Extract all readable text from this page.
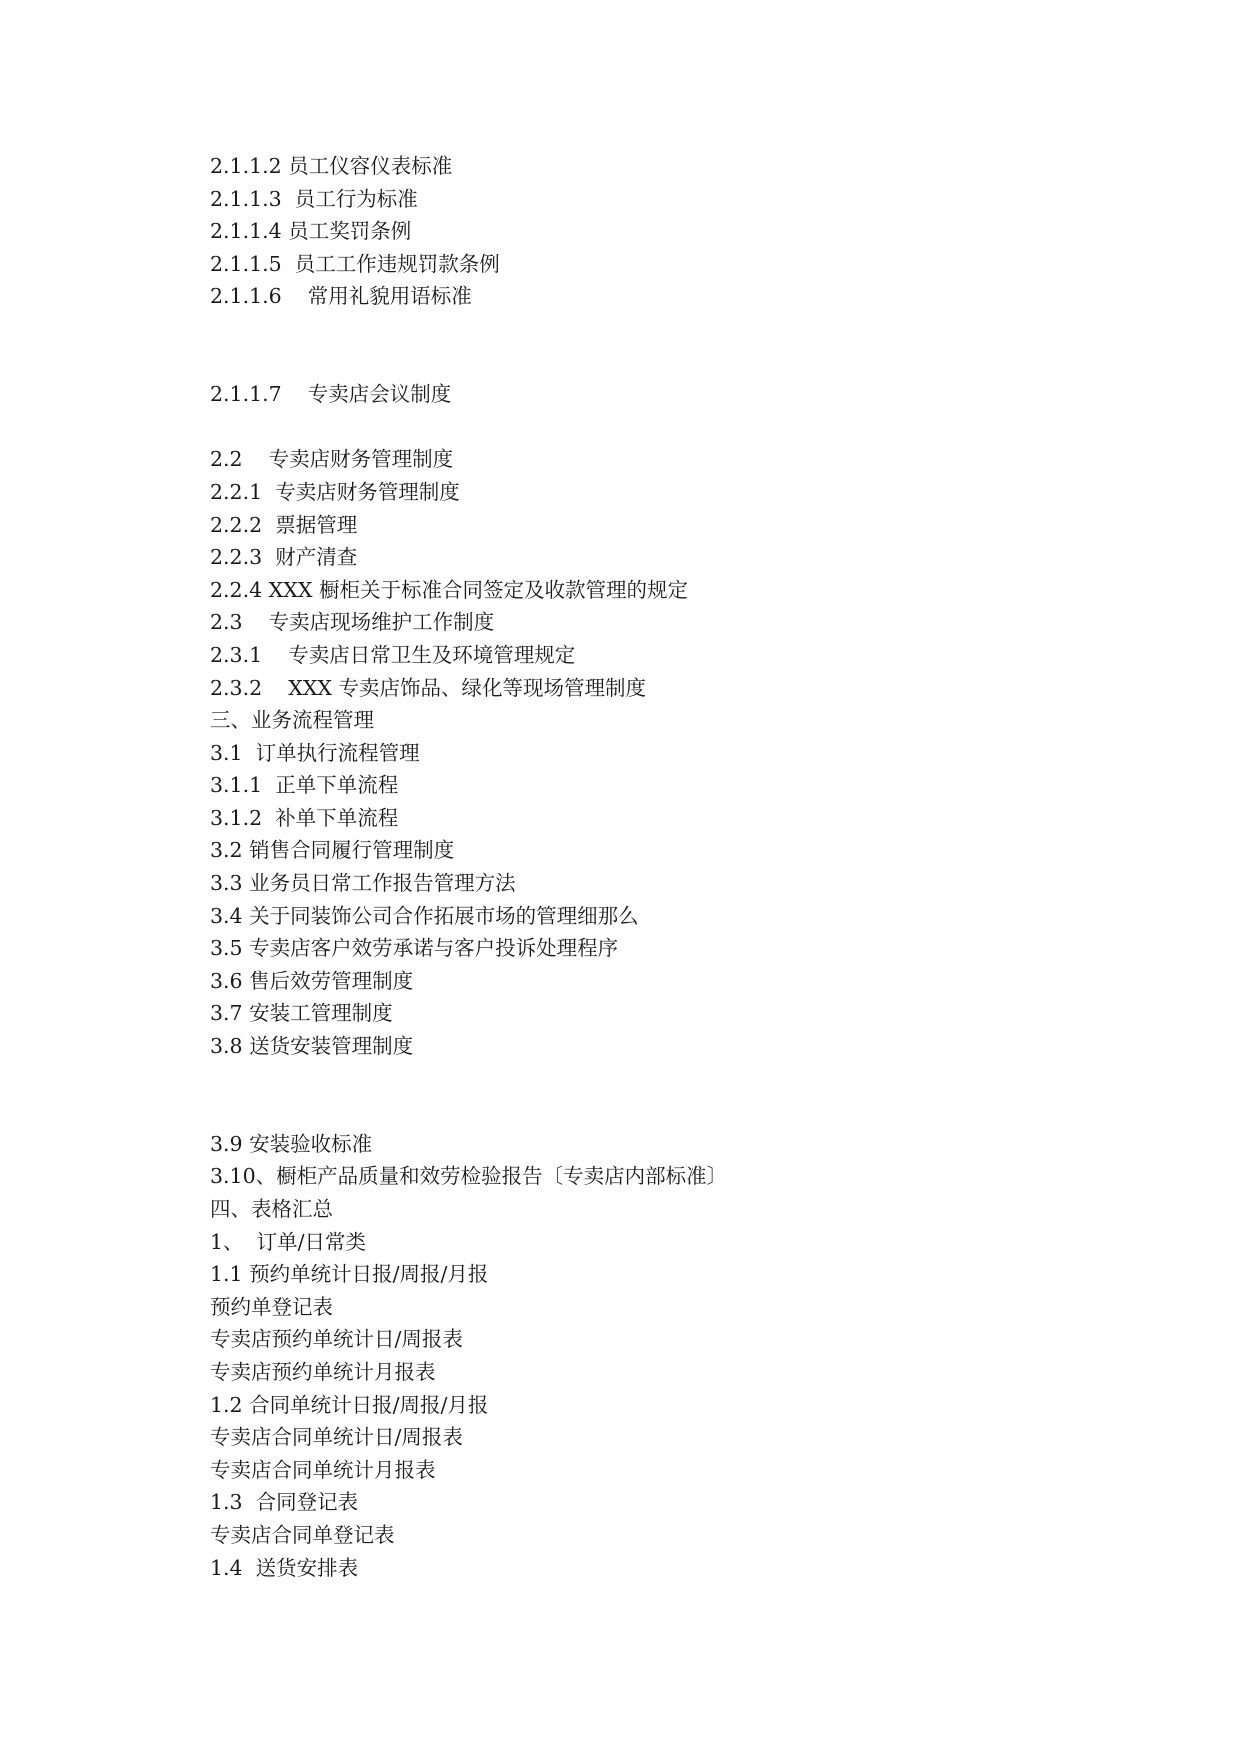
2.1.1.2 员工仪容仪表标准
2.1.1.3  员工行为标准
2.1.1.4 员工奖罚条例
2.1.1.5  员工工作违规罚款条例
2.1.1.6    常用礼貌用语标准
2.1.1.7    专卖店会议制度
2.2    专卖店财务管理制度
2.2.1  专卖店财务管理制度
2.2.2  票据管理
2.2.3  财产清查
2.2.4 XXX 橱柜关于标准合同签定及收款管理的规定
2.3    专卖店现场维护工作制度
2.3.1    专卖店日常卫生及环境管理规定
2.3.2    XXX 专卖店饰品、绿化等现场管理制度
三、业务流程管理
3.1  订单执行流程管理
3.1.1  正单下单流程
3.1.2  补单下单流程
3.2 销售合同履行管理制度
3.3 业务员日常工作报告管理方法
3.4 关于同装饰公司合作拓展市场的管理细那么
3.5 专卖店客户效劳承诺与客户投诉处理程序
3.6 售后效劳管理制度
3.7 安装工管理制度
3.8 送货安装管理制度
3.9 安装验收标准
3.10、橱柜产品质量和效劳检验报告〔专卖店内部标准〕
四、表格汇总
1、  订单/日常类
1.1 预约单统计日报/周报/月报
预约单登记表
专卖店预约单统计日/周报表
专卖店预约单统计月报表
1.2 合同单统计日报/周报/月报
专卖店合同单统计日/周报表
专卖店合同单统计月报表
1.3  合同登记表
专卖店合同单登记表
1.4  送货安排表
